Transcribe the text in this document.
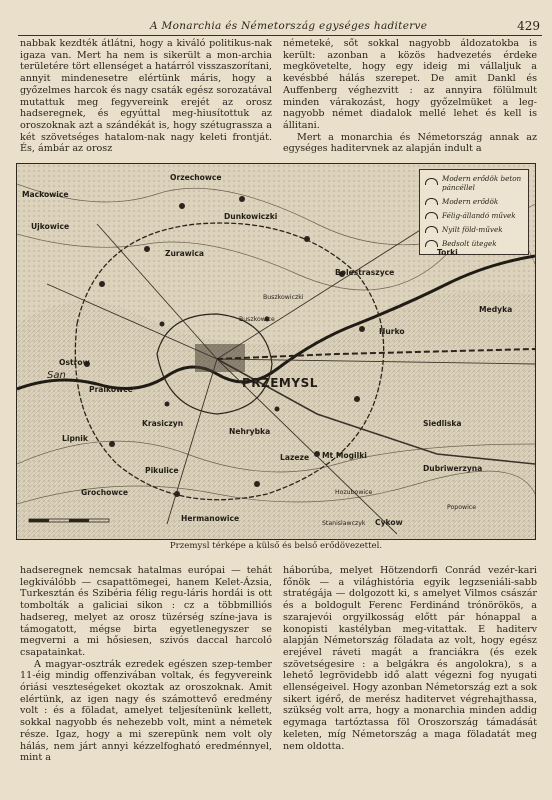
A Monarchia és Németország egységes haditerve	429

nabbak kezdték átlátni, hogy a kiváló politikus-nak igaza van. Mert ha nem is sikerült a mon-archia területére tört ellenséget a határról visszaszorítani, annyit mindenesetre elértünk máris, hogy a győzelmes harcok és nagy csaták egész sorozatával mutattuk meg fegyvereink erejét az orosz hadseregnek, és egyúttal meg-hiusítottuk az oroszoknak azt a szándékát is, hogy szétugrassza a két szövetséges hatalom-nak nagy keleti frontját. És, ámbár az orosz

németeké, sőt sokkal nagyobb áldozatokba is került: azonban a közös hadvezetés érdeke megkövetelte, hogy egy ideig mi vállaljuk a kevésbbé hálás szerepet. De amit Dankl és Auffenberg véghezvitt : az annyira fölülmult minden várakozást, hogy győzelmüket a leg-nagyobb német diadalok mellé lehet és kell is állitani.

Mert a monarchia és Németország annak az egységes haditervnek az alapján indult a

Modern erődök beton páncéllel
Modern erődök
Félig-állandó művek
Nyilt föld-művek
Bedsolt ütegek
PRZEMYSL
Orzechowce
Mackowice
Ujkowice
Dunkowiczki
Zurawica
Bolestraszyce
Torki
Medyka
Buszkowiczki
Hurko
San
Pralkowce
Krasiczyn
Nehrybka
Lipnik
Pikulice
Grochowce
Hermanowice
Stanislawczyk Cykow
Siedliska
Dubriwerzyna
Mt Mogilki
Lazeze
Hozubowice
Buszkowice
Ostrow
Popowice
Przemysl térképe a külső és belső erődövezettel.

hadseregnek nemcsak hatalmas európai — tehát legkiválóbb — csapattömegei, hanem Kelet-Ázsia, Turkesztán és Szibéria félig regu-láris hordái is ott tombolták a galiciai sikon : cz a többmilliós hadsereg, melyet az orosz tüzérség színe-java is támogatott, mégse birta egyetlenegyszer se megverni a mi hősiesen, szivós daccal harcoló csapatainkat.

A magyar-osztrák ezredek egészen szep-tember 11-éig mindig offenzivában voltak, és fegyvereink óriási veszteségeket okoztak az oroszoknak. Amit elértünk, az igen nagy és számottevő eredmény volt : és a föladat, amelyet teljesítenünk kellett, sokkal nagyobb és nehezebb volt, mint a németek része. Igaz, hogy a mi szerepünk nem volt oly hálás, nem járt annyi kézzelfogható eredménnyel, mint a

háborúba, melyet Hötzendorfi Conrád vezér-kari főnök — a világhistória egyik legzseniáli-sabb stratégája — dolgozott ki, s amelyet Vilmos császár és a boldogult Ferenc Ferdinánd trónörökös, a szarajevói orgyilkosság előtt pár hónappal a konopisti kastélyban meg-vitattak. E haditerv alapján Németország föladata az volt, hogy egész erejével ráveti magát a franciákra (és ezek szövetségesire : a belgákra és angolokra), s a lehető legrövidebb idő alatt végezni fog nyugati ellenségeivel. Hogy azonban Németország ezt a sok sikert igérő, de merész haditervet végrehajthassa, szükség volt arra, hogy a monarchia minden addig egymaga tartóztassa föl Oroszország támadását keleten, míg Németország a maga föladatát meg nem oldotta.
